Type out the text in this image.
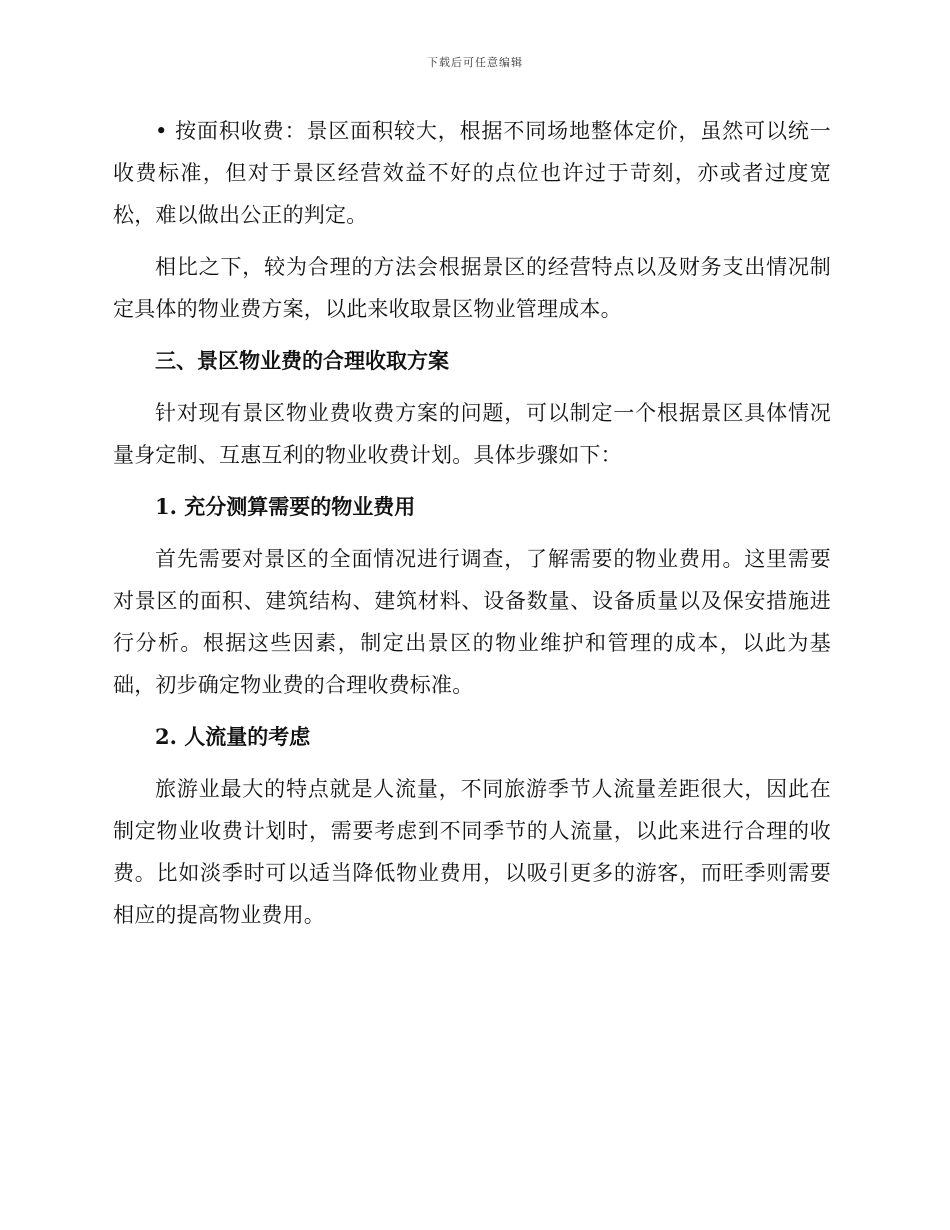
下载后可任意编辑

• 按面积收费：景区面积较大，根据不同场地整体定价，虽然可以统一收费标准，但对于景区经营效益不好的点位也许过于苛刻，亦或者过度宽松，难以做出公正的判定。

相比之下，较为合理的方法会根据景区的经营特点以及财务支出情况制定具体的物业费方案，以此来收取景区物业管理成本。

三、景区物业费的合理收取方案

针对现有景区物业费收费方案的问题，可以制定一个根据景区具体情况量身定制、互惠互利的物业收费计划。具体步骤如下：

1. 充分测算需要的物业费用

首先需要对景区的全面情况进行调查，了解需要的物业费用。这里需要对景区的面积、建筑结构、建筑材料、设备数量、设备质量以及保安措施进行分析。根据这些因素，制定出景区的物业维护和管理的成本，以此为基础，初步确定物业费的合理收费标准。

2. 人流量的考虑

旅游业最大的特点就是人流量，不同旅游季节人流量差距很大，因此在制定物业收费计划时，需要考虑到不同季节的人流量，以此来进行合理的收费。比如淡季时可以适当降低物业费用，以吸引更多的游客，而旺季则需要相应的提高物业费用。
